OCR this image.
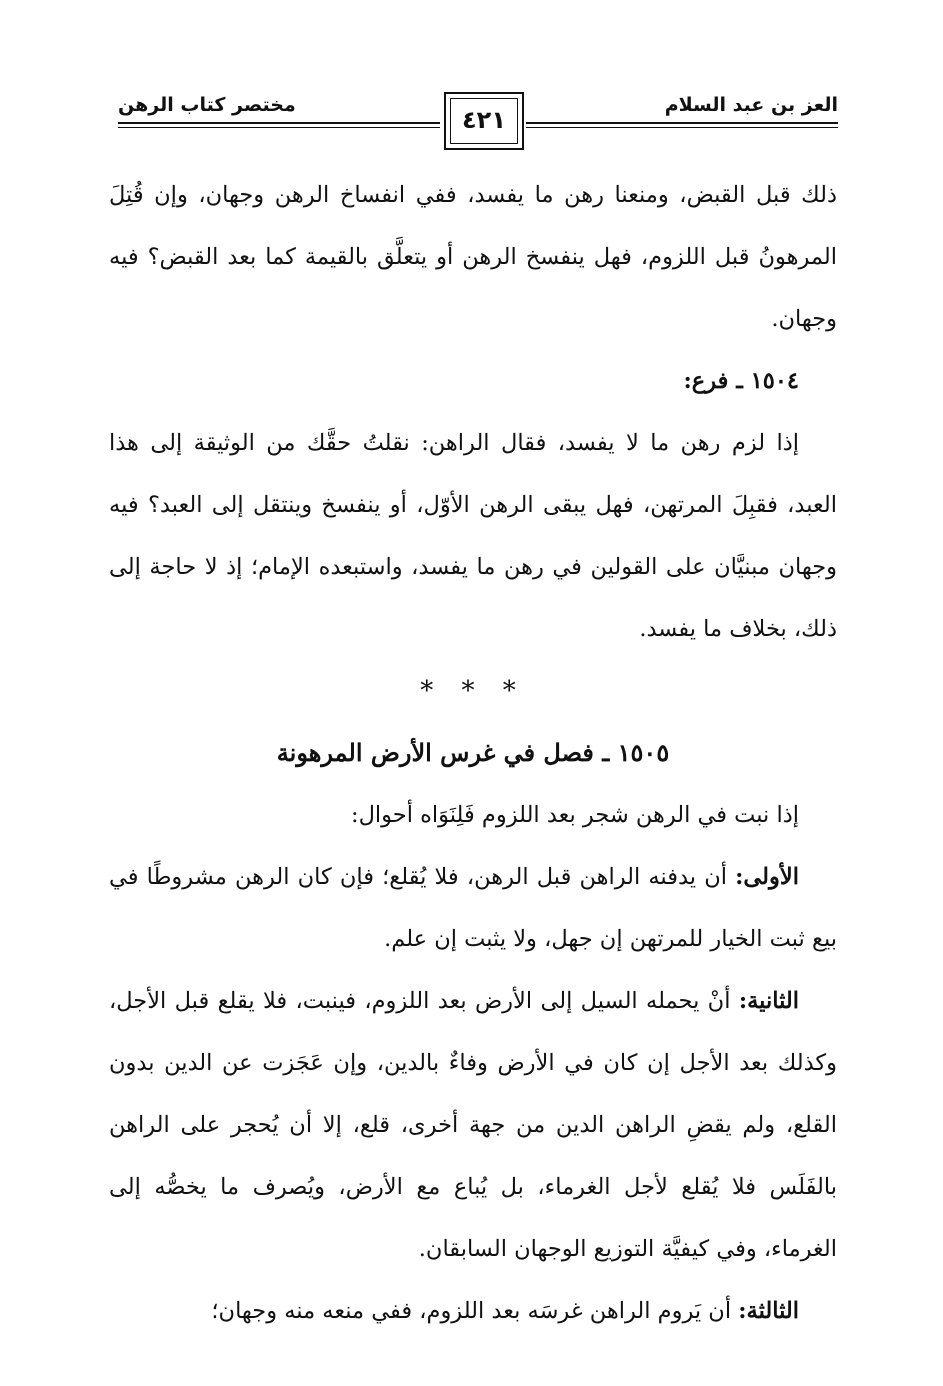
مختصر كتاب الرهن
٤٢١
العز بن عبد السلام

ذلك قبل القبض، ومنعنا رهن ما يفسد، ففي انفساخ الرهن وجهان، وإن قُتِلَ المرهونُ قبل اللزوم، فهل ينفسخ الرهن أو يتعلَّق بالقيمة كما بعد القبض؟ فيه وجهان.

١٥٠٤ ـ فرع:

إذا لزم رهن ما لا يفسد، فقال الراهن: نقلتُ حقَّك من الوثيقة إلى هذا العبد، فقبِلَ المرتهن، فهل يبقى الرهن الأوّل، أو ينفسخ وينتقل إلى العبد؟ فيه وجهان مبنيَّان على القولين في رهن ما يفسد، واستبعده الإمام؛ إذ لا حاجة إلى ذلك، بخلاف ما يفسد.

* * *

١٥٠٥ ـ فصل في غرس الأرض المرهونة

إذا نبت في الرهن شجر بعد اللزوم فَلِنَوَاه أحوال:

الأولى: أن يدفنه الراهن قبل الرهن، فلا يُقلع؛ فإن كان الرهن مشروطًا في بيع ثبت الخيار للمرتهن إن جهل، ولا يثبت إن علم.

الثانية: أنْ يحمله السيل إلى الأرض بعد اللزوم، فينبت، فلا يقلع قبل الأجل، وكذلك بعد الأجل إن كان في الأرض وفاءٌ بالدين، وإن عَجَزت عن الدين بدون القلع، ولم يقضِ الراهن الدين من جهة أخرى، قلع، إلا أن يُحجر على الراهن بالفَلَس فلا يُقلع لأجل الغرماء، بل يُباع مع الأرض، ويُصرف ما يخصُّه إلى الغرماء، وفي كيفيَّة التوزيع الوجهان السابقان.

الثالثة: أن يَروم الراهن غرسَه بعد اللزوم، ففي منعه منه وجهان؛
